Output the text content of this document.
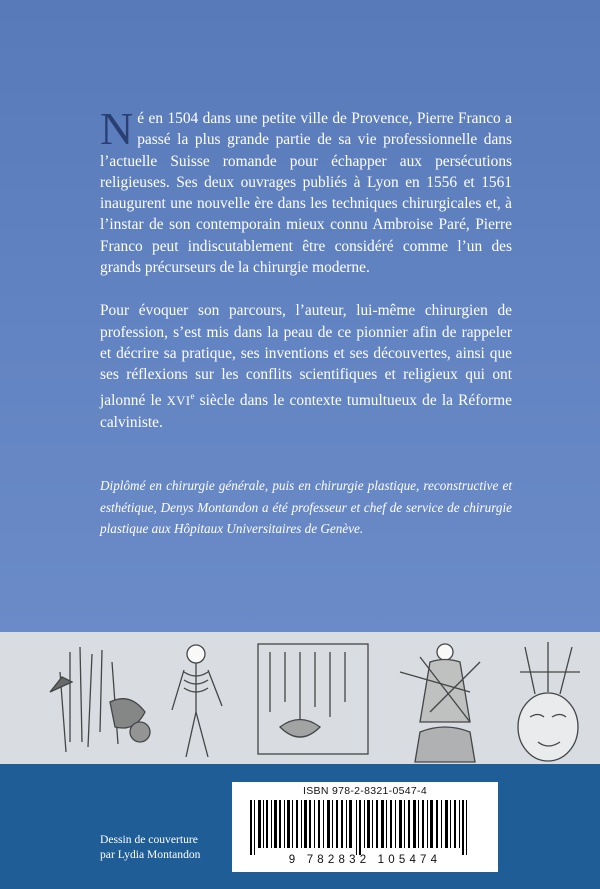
Né en 1504 dans une petite ville de Provence, Pierre Franco a passé la plus grande partie de sa vie professionnelle dans l’actuelle Suisse romande pour échapper aux persécutions religieuses. Ses deux ouvrages publiés à Lyon en 1556 et 1561 inaugurent une nouvelle ère dans les techniques chirurgicales et, à l’instar de son contemporain mieux connu Ambroise Paré, Pierre Franco peut indiscutablement être considéré comme l’un des grands précurseurs de la chirurgie moderne.

Pour évoquer son parcours, l’auteur, lui-même chirurgien de profession, s’est mis dans la peau de ce pionnier afin de rappeler et décrire sa pratique, ses inventions et ses découvertes, ainsi que ses réflexions sur les conflits scientifiques et religieux qui ont jalonné le XVIe siècle dans le contexte tumultueux de la Réforme calviniste.

Diplômé en chirurgie générale, puis en chirurgie plastique, reconstructive et esthétique, Denys Montandon a été professeur et chef de service de chirurgie plastique aux Hôpitaux Universitaires de Genève.

Dessin de couverture
par Lydia Montandon
ISBN 978-2-8321-0547-4
9 782832 105474
